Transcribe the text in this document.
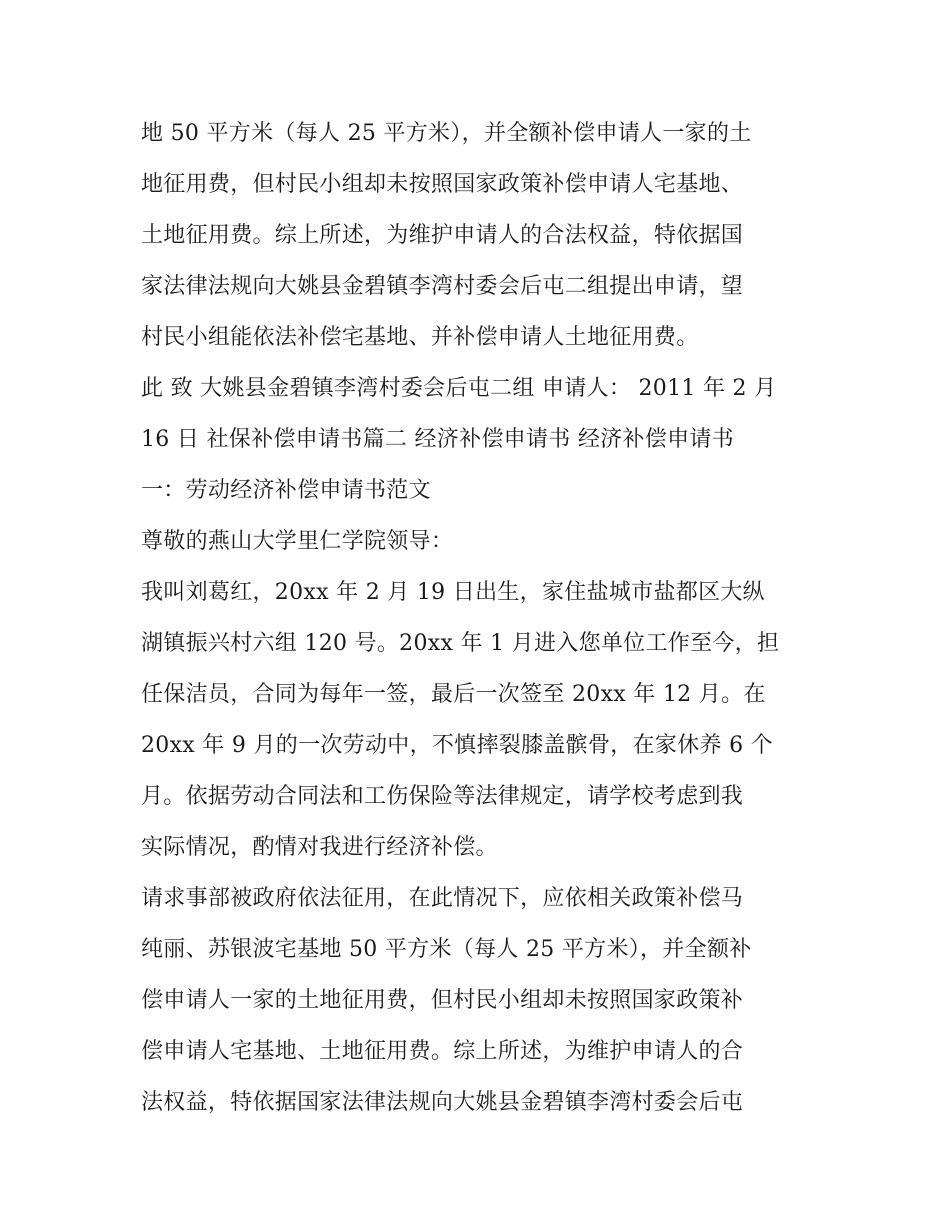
地 50 平方米（每人 25 平方米），并全额补偿申请人一家的土
地征用费，但村民小组却未按照国家政策补偿申请人宅基地、
土地征用费。综上所述，为维护申请人的合法权益，特依据国
家法律法规向大姚县金碧镇李湾村委会后屯二组提出申请，望
村民小组能依法补偿宅基地、并补偿申请人土地征用费。
此 致 大姚县金碧镇李湾村委会后屯二组 申请人： 2011 年 2 月
16 日 社保补偿申请书篇二 经济补偿申请书 经济补偿申请书
一：劳动经济补偿申请书范文
尊敬的燕山大学里仁学院领导：
我叫刘葛红，20xx 年 2 月 19 日出生，家住盐城市盐都区大纵
湖镇振兴村六组 120 号。20xx 年 1 月进入您单位工作至今，担
任保洁员，合同为每年一签，最后一次签至 20xx 年 12 月。在
20xx 年 9 月的一次劳动中，不慎摔裂膝盖髌骨，在家休养 6 个
月。依据劳动合同法和工伤保险等法律规定，请学校考虑到我
实际情况，酌情对我进行经济补偿。
请求事部被政府依法征用，在此情况下，应依相关政策补偿马
纯丽、苏银波宅基地 50 平方米（每人 25 平方米），并全额补
偿申请人一家的土地征用费，但村民小组却未按照国家政策补
偿申请人宅基地、土地征用费。综上所述，为维护申请人的合
法权益，特依据国家法律法规向大姚县金碧镇李湾村委会后屯
